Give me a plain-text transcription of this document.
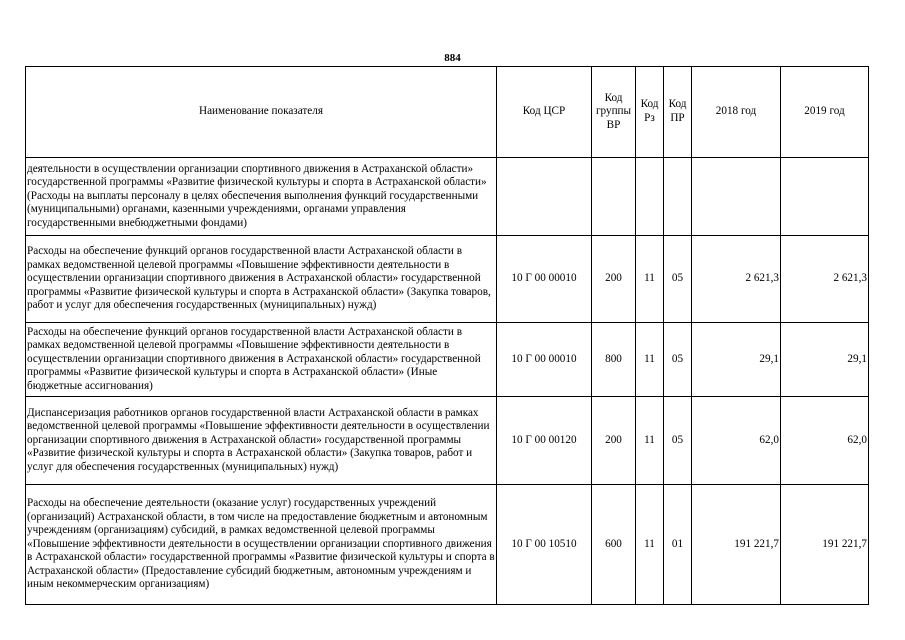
884
Наименование показателя	Код ЦСР	Код группы ВР	Код Рз	Код ПР	2018 год	2019 год
деятельности в осуществлении организации спортивного движения в Астраханской области» государственной программы «Развитие физической культуры и спорта в Астраханской области» (Расходы на выплаты персоналу в целях обеспечения выполнения функций государственными (муниципальными) органами, казенными учреждениями, органами управления государственными внебюджетными фондами)						
Расходы на обеспечение функций органов государственной власти Астраханской области в рамках ведомственной целевой программы «Повышение эффективности деятельности в осуществлении организации спортивного движения в Астраханской области» государственной программы «Развитие физической культуры и спорта в Астраханской области» (Закупка товаров, работ и услуг для обеспечения государственных (муниципальных) нужд)	10 Г 00 00010	200	11	05	2 621,3	2 621,3
Расходы на обеспечение функций органов государственной власти Астраханской области в рамках ведомственной целевой программы «Повышение эффективности деятельности в осуществлении организации спортивного движения в Астраханской области» государственной программы «Развитие физической культуры и спорта в Астраханской области» (Иные бюджетные ассигнования)	10 Г 00 00010	800	11	05	29,1	29,1
Диспансеризация работников органов государственной власти Астраханской области в рамках ведомственной целевой программы «Повышение эффективности деятельности в осуществлении организации спортивного движения в Астраханской области» государственной программы «Развитие физической культуры и спорта в Астраханской области» (Закупка товаров, работ и услуг для обеспечения государственных (муниципальных) нужд)	10 Г 00 00120	200	11	05	62,0	62,0
Расходы на обеспечение деятельности (оказание услуг) государственных учреждений (организаций) Астраханской области, в том числе на предоставление бюджетным и автономным учреждениям (организациям) субсидий, в рамках ведомственной целевой программы «Повышение эффективности деятельности в осуществлении организации спортивного движения в Астраханской области» государственной программы «Развитие физической культуры и спорта в Астраханской области» (Предоставление субсидий бюджетным, автономным учреждениям и иным некоммерческим организациям)	10 Г 00 10510	600	11	01	191 221,7	191 221,7
